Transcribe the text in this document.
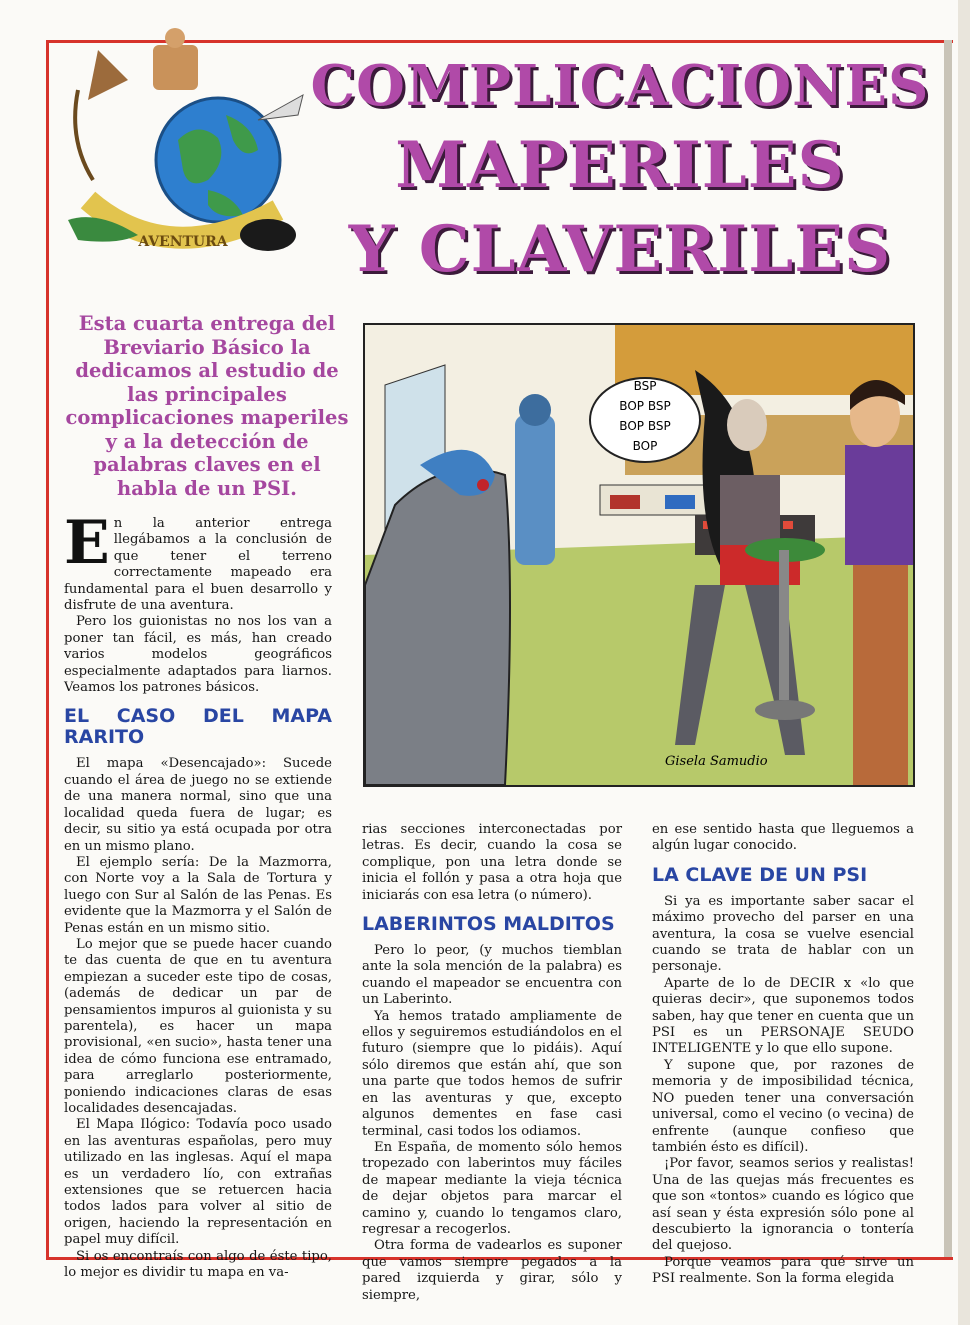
AVENTURA
COMPLICACIONES
MAPERILES
Y CLAVERILES
Esta cuarta entrega del Breviario Básico la dedicamos al estudio de las principales complicaciones maperiles y a la detección de palabras claves en el habla de un PSI.
BSP
BOP BSP
BOP BSP
BOP
Gisela Samudio

En la anterior entrega llegábamos a la conclusión de que tener el terreno correctamente mapeado era fundamental para el buen desarrollo y disfrute de una aventura.

Pero los guionistas no nos los van a poner tan fácil, es más, han creado varios modelos geográficos especialmente adaptados para liarnos. Veamos los patrones básicos.

EL CASO DEL MAPA RARITO

El mapa «Desencajado»: Sucede cuando el área de juego no se extiende de una manera normal, sino que una localidad queda fuera de lugar; es decir, su sitio ya está ocupada por otra en un mismo plano.

El ejemplo sería: De la Mazmorra, con Norte voy a la Sala de Tortura y luego con Sur al Salón de las Penas. Es evidente que la Mazmorra y el Salón de Penas están en un mismo sitio.

Lo mejor que se puede hacer cuando te das cuenta de que en tu aventura empiezan a suceder este tipo de cosas, (además de dedicar un par de pensamientos impuros al guionista y su parentela), es hacer un mapa provisional, «en sucio», hasta tener una idea de cómo funciona ese entramado, para arreglarlo posteriormente, poniendo indicaciones claras de esas localidades desencajadas.

El Mapa Ilógico: Todavía poco usado en las aventuras españolas, pero muy utilizado en las inglesas. Aquí el mapa es un verdadero lío, con extrañas extensiones que se retuercen hacia todos lados para volver al sitio de origen, haciendo la representación en papel muy difícil.

Si os encontraís con algo de éste tipo, lo mejor es dividir tu mapa en va-

rias secciones interconectadas por letras. Es decir, cuando la cosa se complique, pon una letra donde se inicia el follón y pasa a otra hoja que iniciarás con esa letra (o número).

LABERINTOS MALDITOS

Pero lo peor, (y muchos tiemblan ante la sola mención de la palabra) es cuando el mapeador se encuentra con un Laberinto.

Ya hemos tratado ampliamente de ellos y seguiremos estudiándolos en el futuro (siempre que lo pidáis). Aquí sólo diremos que están ahí, que son una parte que todos hemos de sufrir en las aventuras y que, excepto algunos dementes en fase casi terminal, casi todos los odiamos.

En España, de momento sólo hemos tropezado con laberintos muy fáciles de mapear mediante la vieja técnica de dejar objetos para marcar el camino y, cuando lo tengamos claro, regresar a recogerlos.

Otra forma de vadearlos es suponer que vamos siempre pegados a la pared izquierda y girar, sólo y siempre,

en ese sentido hasta que lleguemos a algún lugar conocido.

LA CLAVE DE UN PSI

Si ya es importante saber sacar el máximo provecho del parser en una aventura, la cosa se vuelve esencial cuando se trata de hablar con un personaje.

Aparte de lo de DECIR x «lo que quieras decir», que suponemos todos saben, hay que tener en cuenta que un PSI es un PERSONAJE SEUDO INTELIGENTE y lo que ello supone.

Y supone que, por razones de memoria y de imposibilidad técnica, NO pueden tener una conversación universal, como el vecino (o vecina) de enfrente (aunque confieso que también ésto es difícil).

¡Por favor, seamos serios y realistas! Una de las quejas más frecuentes es que son «tontos» cuando es lógico que así sean y ésta expresión sólo pone al descubierto la ignorancia o tontería del quejoso.

Porque veamos para qué sirve un PSI realmente. Son la forma elegida
